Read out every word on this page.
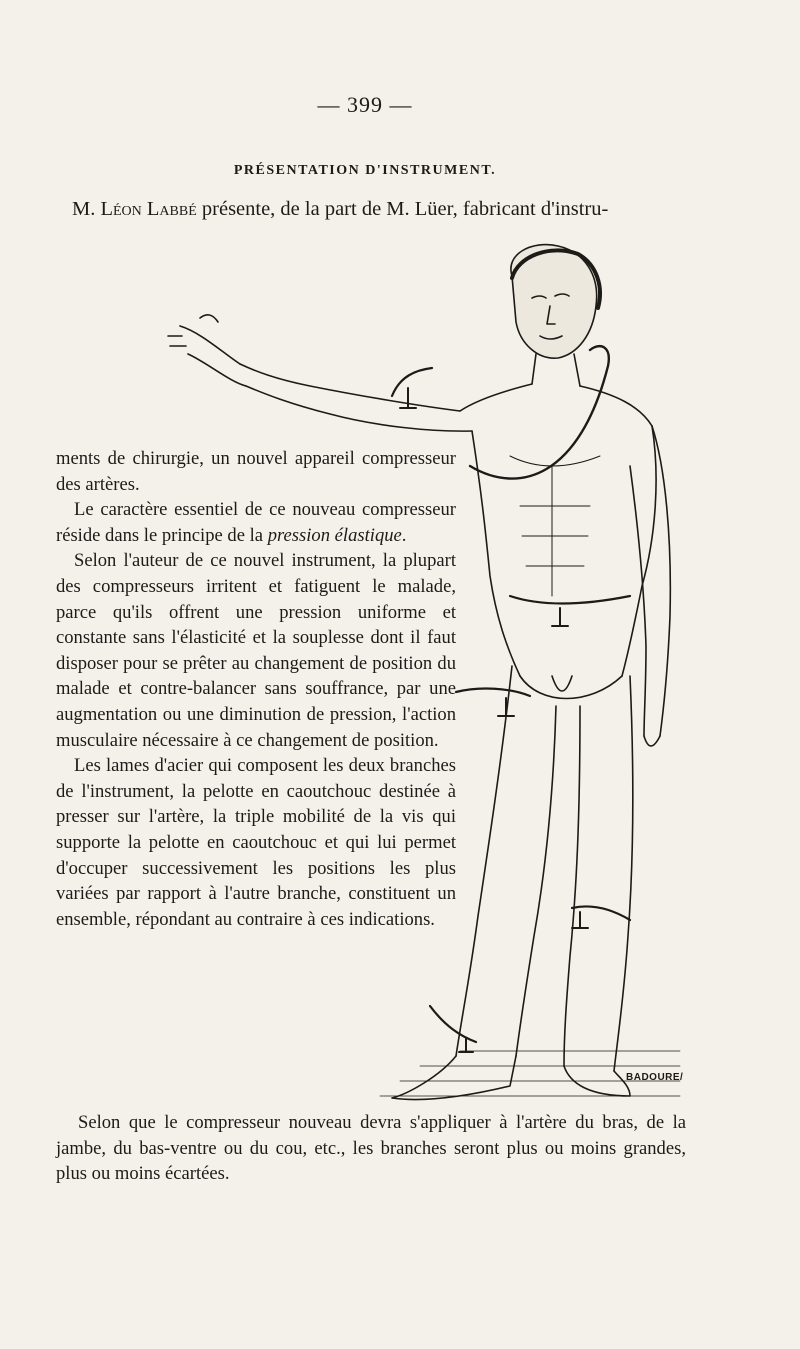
— 399 —
PRÉSENTATION D'INSTRUMENT.
M. Léon Labbé présente, de la part de M. Lüer, fabricant d'instru-

ments de chirurgie, un nouvel appareil compresseur des artères.

Le caractère essentiel de ce nouveau compresseur réside dans le principe de la pression élastique.

Selon l'auteur de ce nouvel instrument, la plupart des compresseurs irritent et fatiguent le malade, parce qu'ils offrent une pression uniforme et constante sans l'élasticité et la souplesse dont il faut disposer pour se prêter au changement de position du malade et contre-balancer sans souffrance, par une augmentation ou une diminution de pression, l'action musculaire nécessaire à ce changement de position.

Les lames d'acier qui composent les deux branches de l'instrument, la pelotte en caoutchouc destinée à presser sur l'artère, la triple mobilité de la vis qui supporte la pelotte en caoutchouc et qui lui permet d'occuper successivement les positions les plus variées par rapport à l'autre branche, constituent un ensemble, répondant au contraire à ces indications.

BADOURE/

Selon que le compresseur nouveau devra s'appliquer à l'artère du bras, de la jambe, du bas-ventre ou du cou, etc., les branches seront plus ou moins grandes, plus ou moins écartées.
